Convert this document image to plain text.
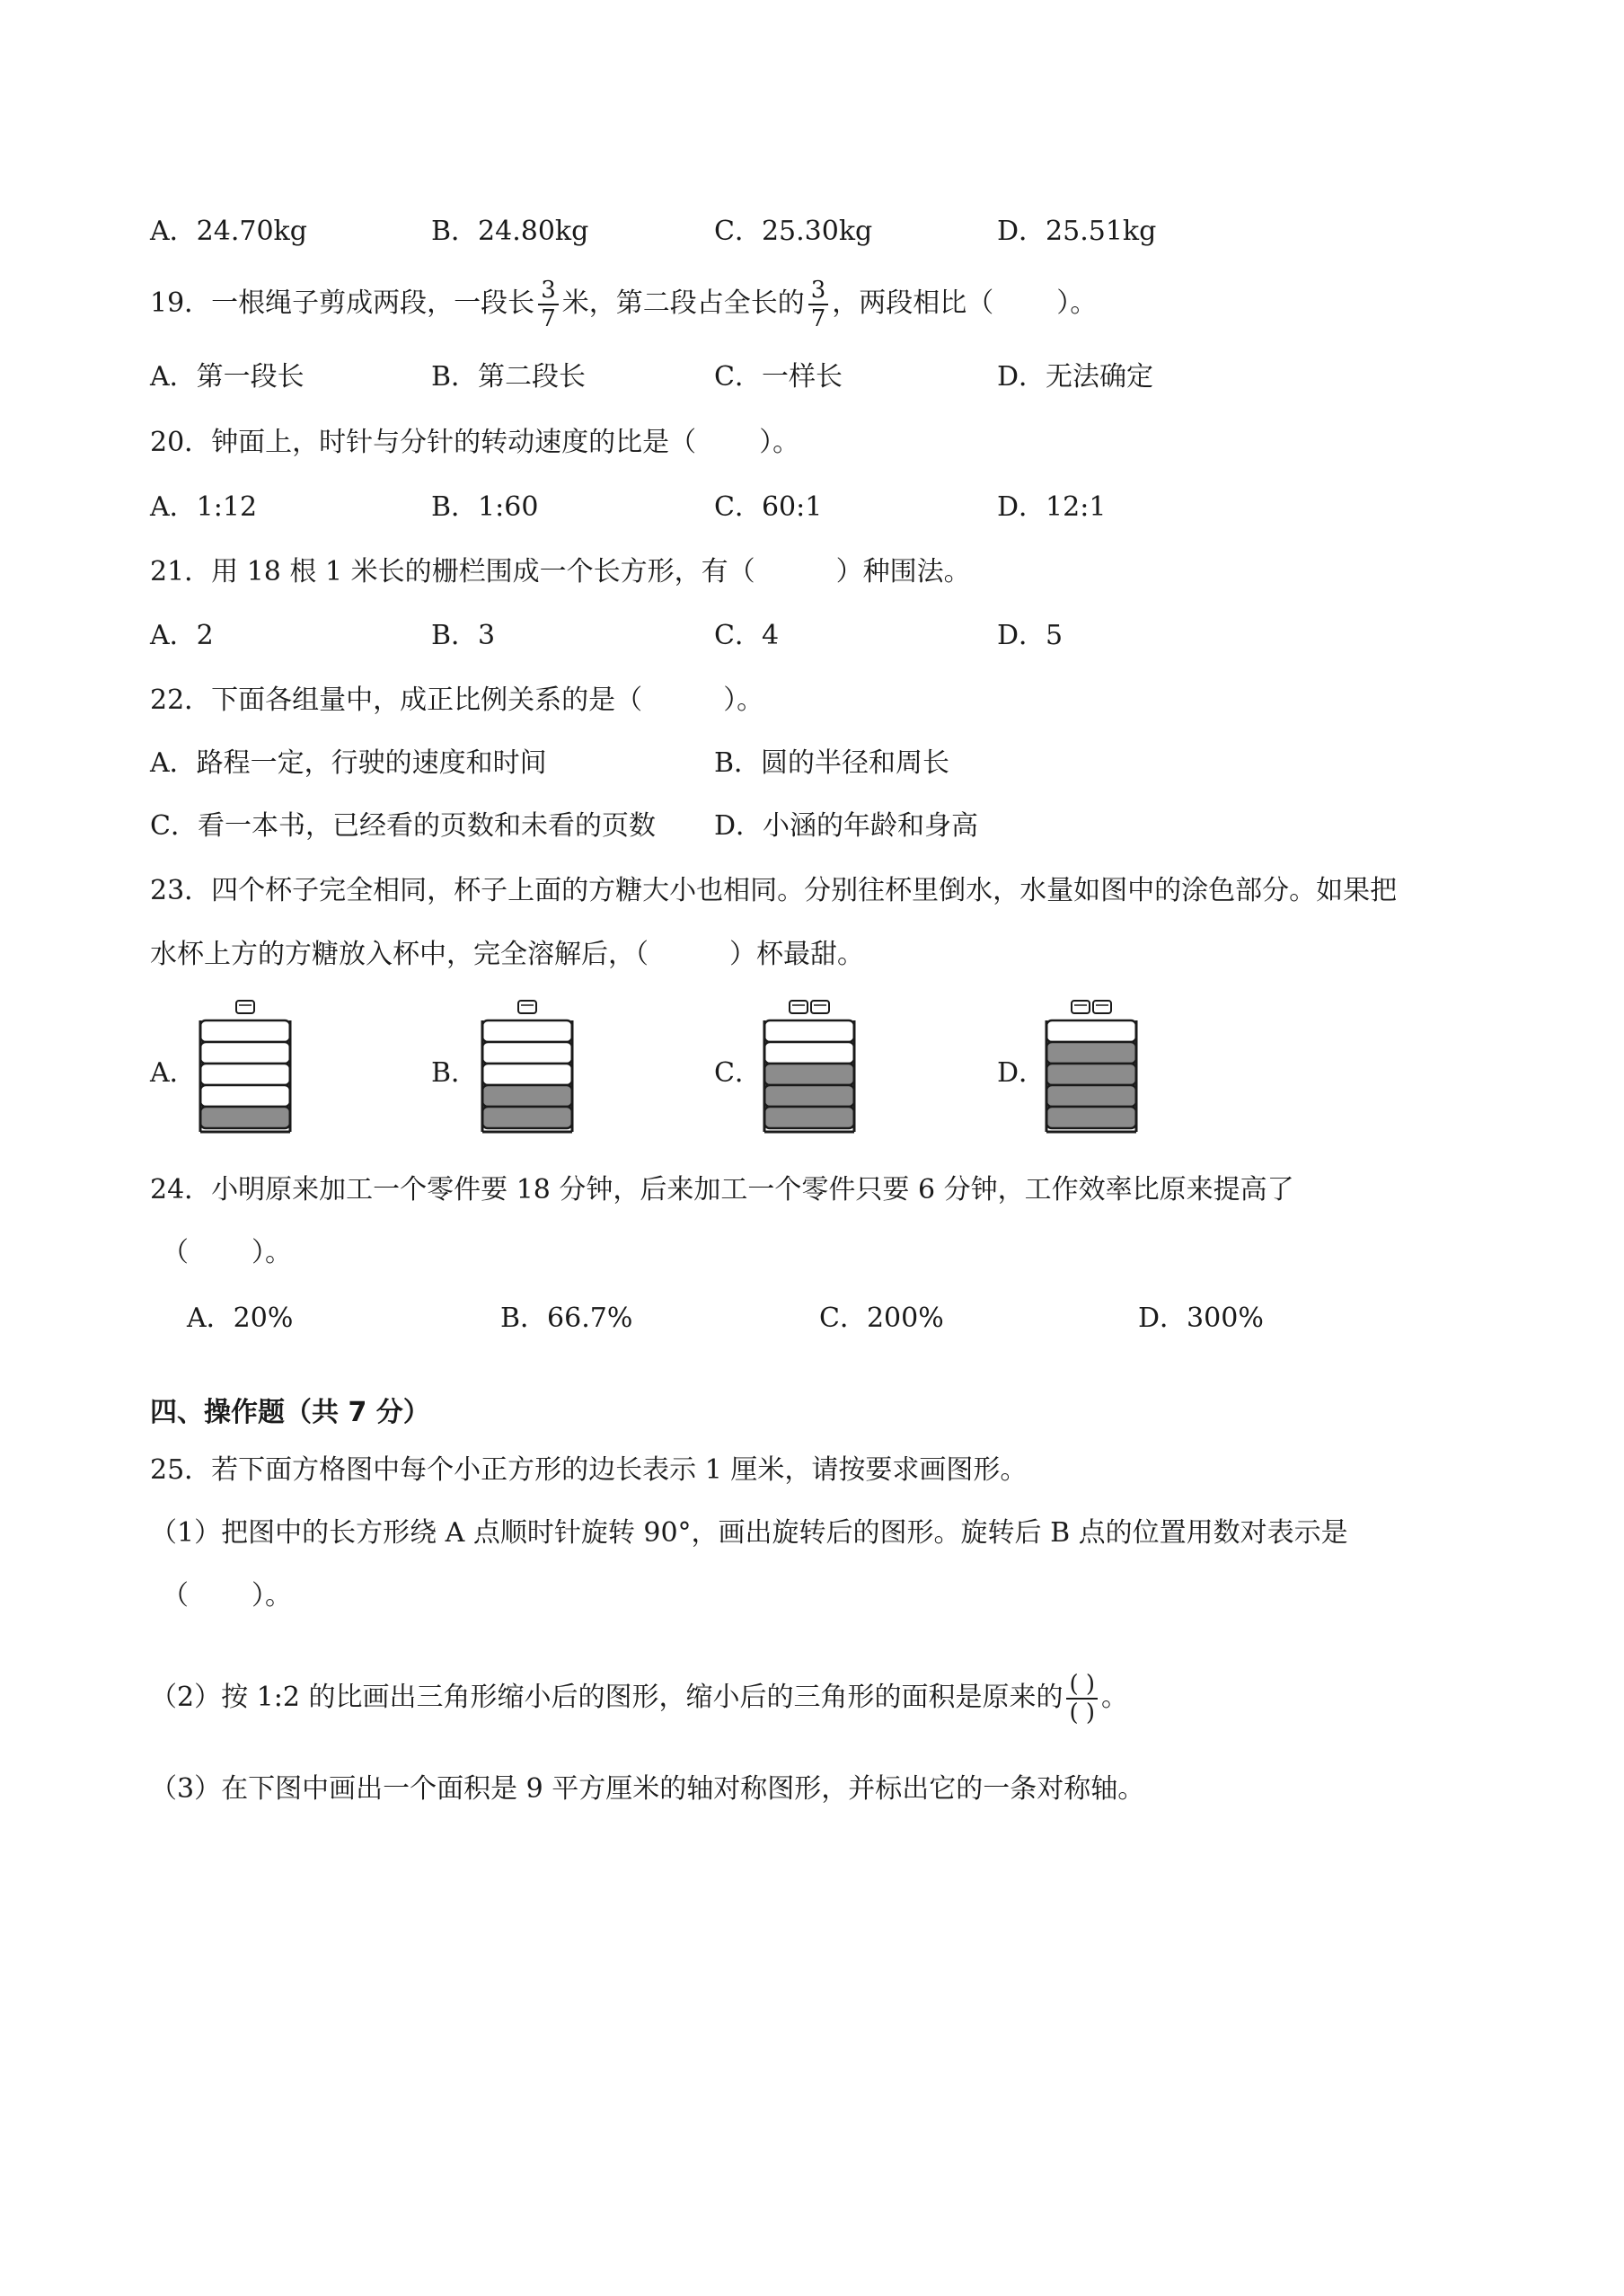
A．24.70kg	B．24.80kg	C．25.30kg	D．25.51kg
19．一根绳子剪成两段，一段长 $\frac{3}{7}$ 米，第二段占全长的 $\frac{3}{7}$ ，两段相比（ ）。
A．第一段长	B．第二段长	C．一样长	D．无法确定
20．钟面上，时针与分针的转动速度的比是（ ）。
A．1:12	B．1:60	C．60:1	D．12:1
21．用 18 根 1 米长的栅栏围成一个长方形，有（	）种围法。
A．2	B．3	C．4	D．5
22．下面各组量中，成正比例关系的是（	）。
A．路程一定，行驶的速度和时间	B．圆的半径和周长
C．看一本书，已经看的页数和未看的页数 D．小涵的年龄和身高
23．四个杯子完全相同，杯子上面的方糖大小也相同。分别往杯里倒水，水量如图中的涂色部分。如果把
水杯上方的方糖放入杯中，完全溶解后，（	）杯最甜。
A．	B．	C．	D．
24．小明原来加工一个零件要 18 分钟，后来加工一个零件只要 6 分钟，工作效率比原来提高了
（ ）。
A．20%	B．66.7%	C．200%	D．300%
四、操作题（共 7 分）
25．若下面方格图中每个小正方形的边长表示 1 厘米，请按要求画图形。
（1）把图中的长方形绕 A 点顺时针旋转 90°，画出旋转后的图形。旋转后 B 点的位置用数对表示是
（ ）。
（2）按 1:2 的比画出三角形缩小后的图形，缩小后的三角形的面积是原来的 $\frac{( )}{( )}$ 。
（3）在下图中画出一个面积是 9 平方厘米的轴对称图形，并标出它的一条对称轴。
